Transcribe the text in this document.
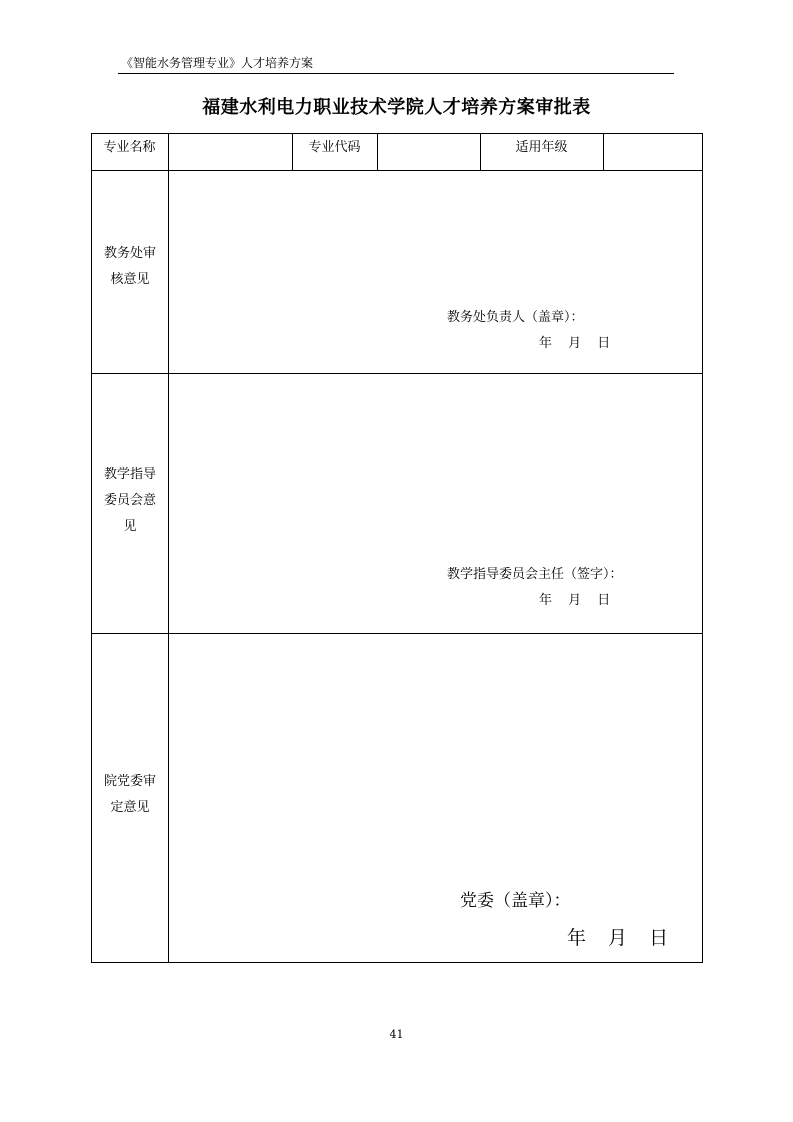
《智能水务管理专业》人才培养方案
福建水利电力职业技术学院人才培养方案审批表
专业名称	专业代码	适用年级
教务处审
核意见
教务处负责人（盖章）：
年 月 日
教学指导
委员会意
见
教学指导委员会主任（签字）：
年 月 日
院党委审
定意见
党委（盖章）：
年 月 日
41
